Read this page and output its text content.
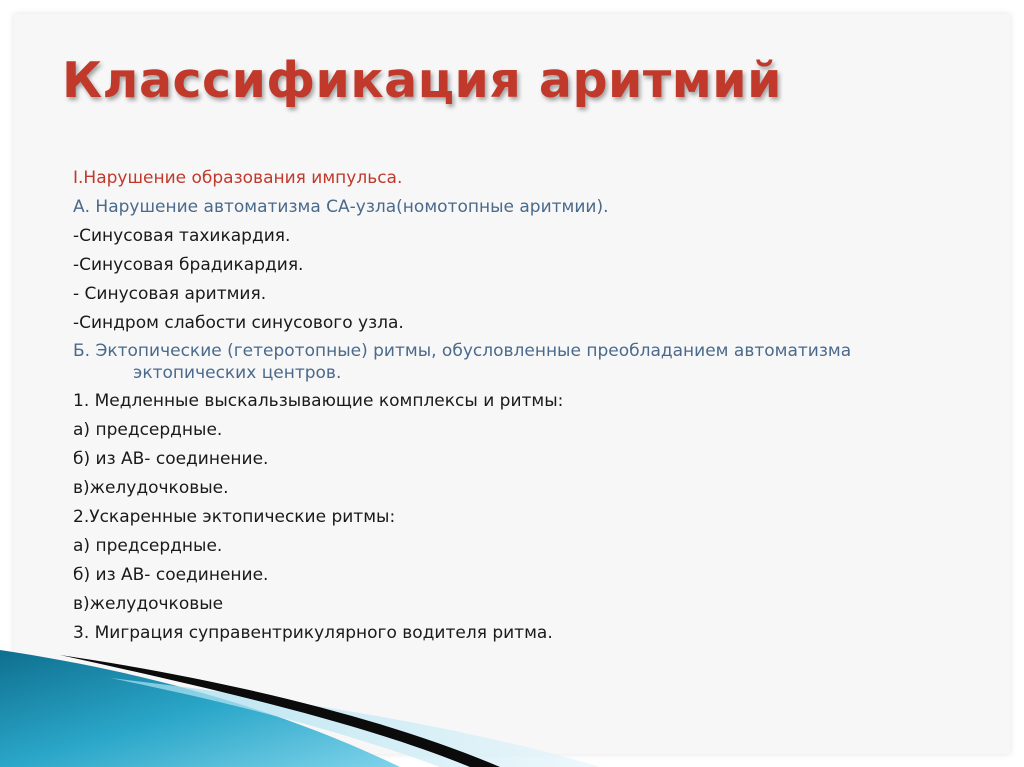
Классификация аритмий
I.Нарушение образования импульса.
А. Нарушение автоматизма СА-узла(номотопные аритмии).
-Синусовая тахикардия.
-Синусовая брадикардия.
- Синусовая аритмия.
-Синдром слабости синусового узла.
Б. Эктопические (гетеротопные) ритмы, обусловленные преобладанием автоматизма
эктопических центров.
1. Медленные выскальзывающие комплексы и ритмы:
а) предсердные.
б) из АВ- соединение.
в)желудочковые.
2.Ускаренные эктопические ритмы:
а) предсердные.
б) из АВ- соединение.
в)желудочковые
3. Миграция суправентрикулярного водителя ритма.
